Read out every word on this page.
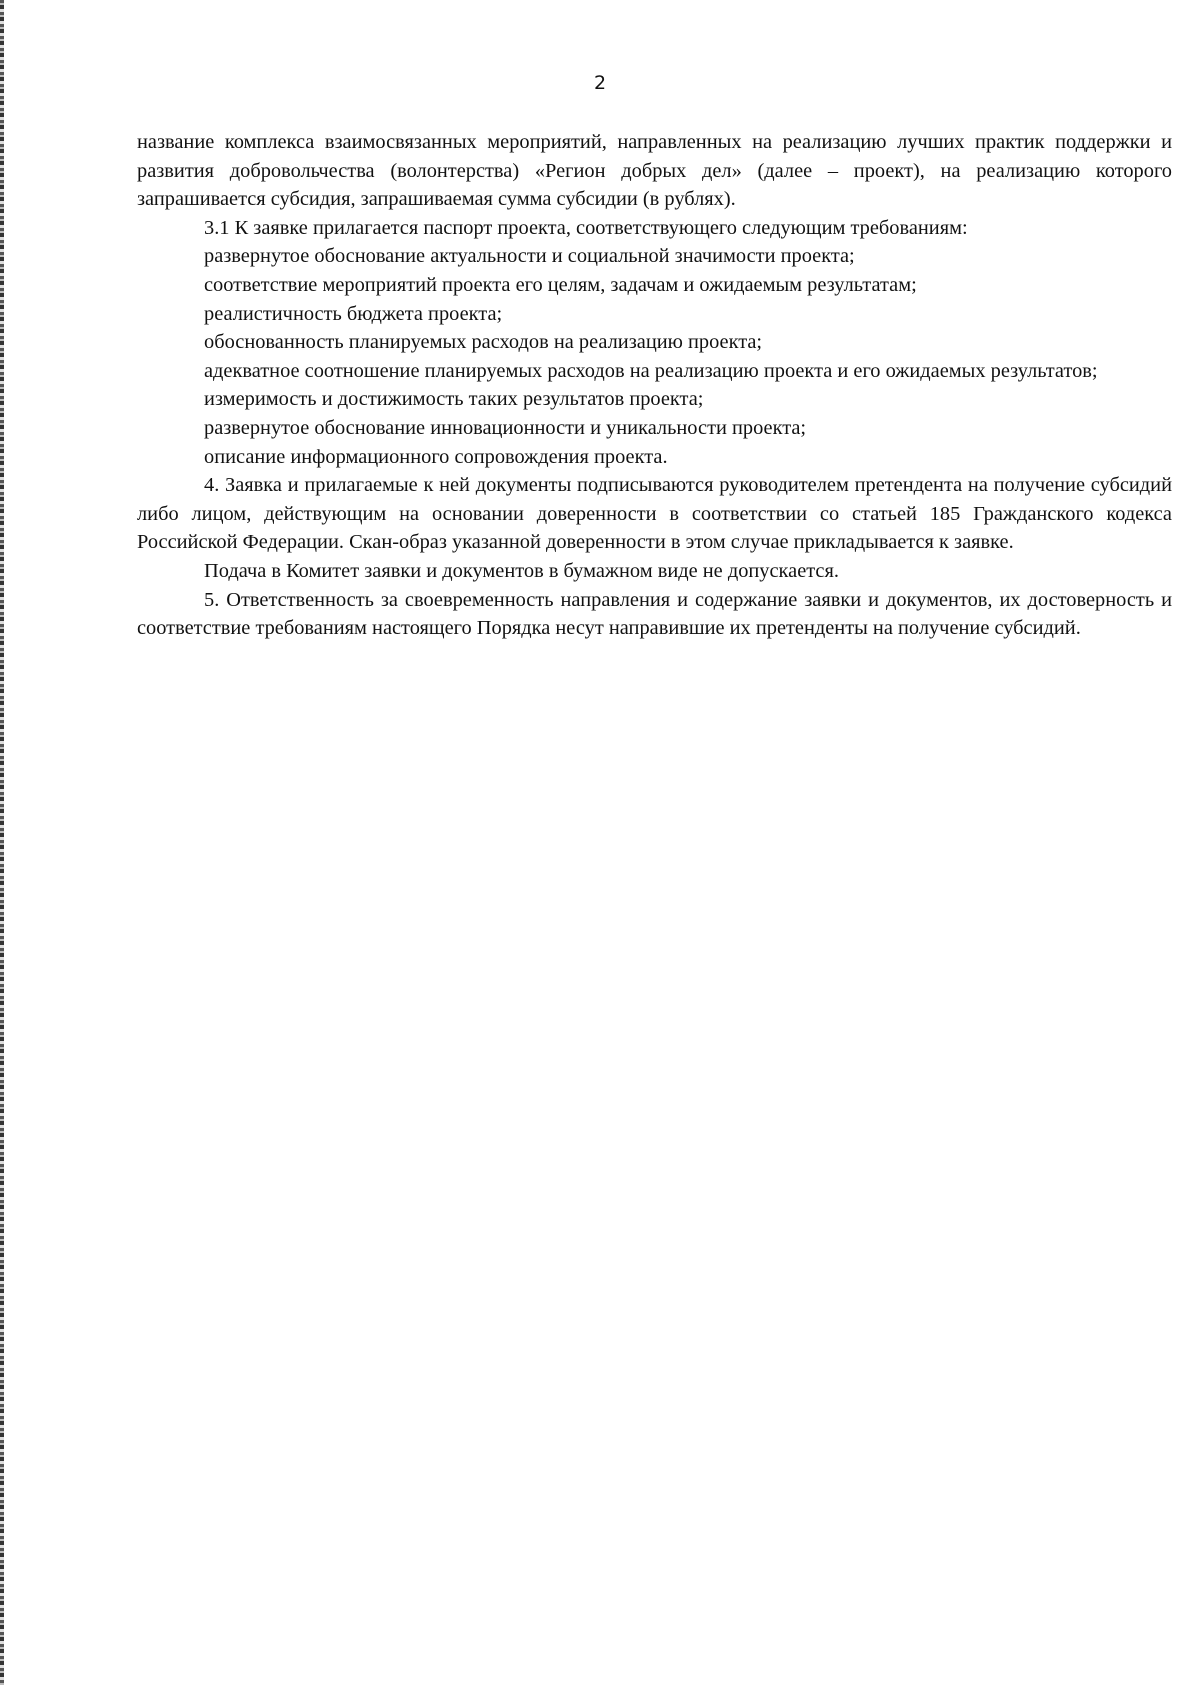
2

название комплекса взаимосвязанных мероприятий, направленных на реализацию лучших практик поддержки и развития добровольчества (волонтерства) «Регион добрых дел» (далее – проект), на реализацию которого запрашивается субсидия, запрашиваемая сумма субсидии (в рублях).

3.1 К заявке прилагается паспорт проекта, соответствующего следующим требованиям:

развернутое обоснование актуальности и социальной значимости проекта;

соответствие мероприятий проекта его целям, задачам и ожидаемым результатам;

реалистичность бюджета проекта;

обоснованность планируемых расходов на реализацию проекта;

адекватное соотношение планируемых расходов на реализацию проекта и его ожидаемых результатов;

измеримость и достижимость таких результатов проекта;

развернутое обоснование инновационности и уникальности проекта;

описание информационного сопровождения проекта.

4. Заявка и прилагаемые к ней документы подписываются руководителем претендента на получение субсидий либо лицом, действующим на основании доверенности в соответствии со статьей 185 Гражданского кодекса Российской Федерации. Скан-образ указанной доверенности в этом случае прикладывается к заявке.

Подача в Комитет заявки и документов в бумажном виде не допускается.

5. Ответственность за своевременность направления и содержание заявки и документов, их достоверность и соответствие требованиям настоящего Порядка несут направившие их претенденты на получение субсидий.
